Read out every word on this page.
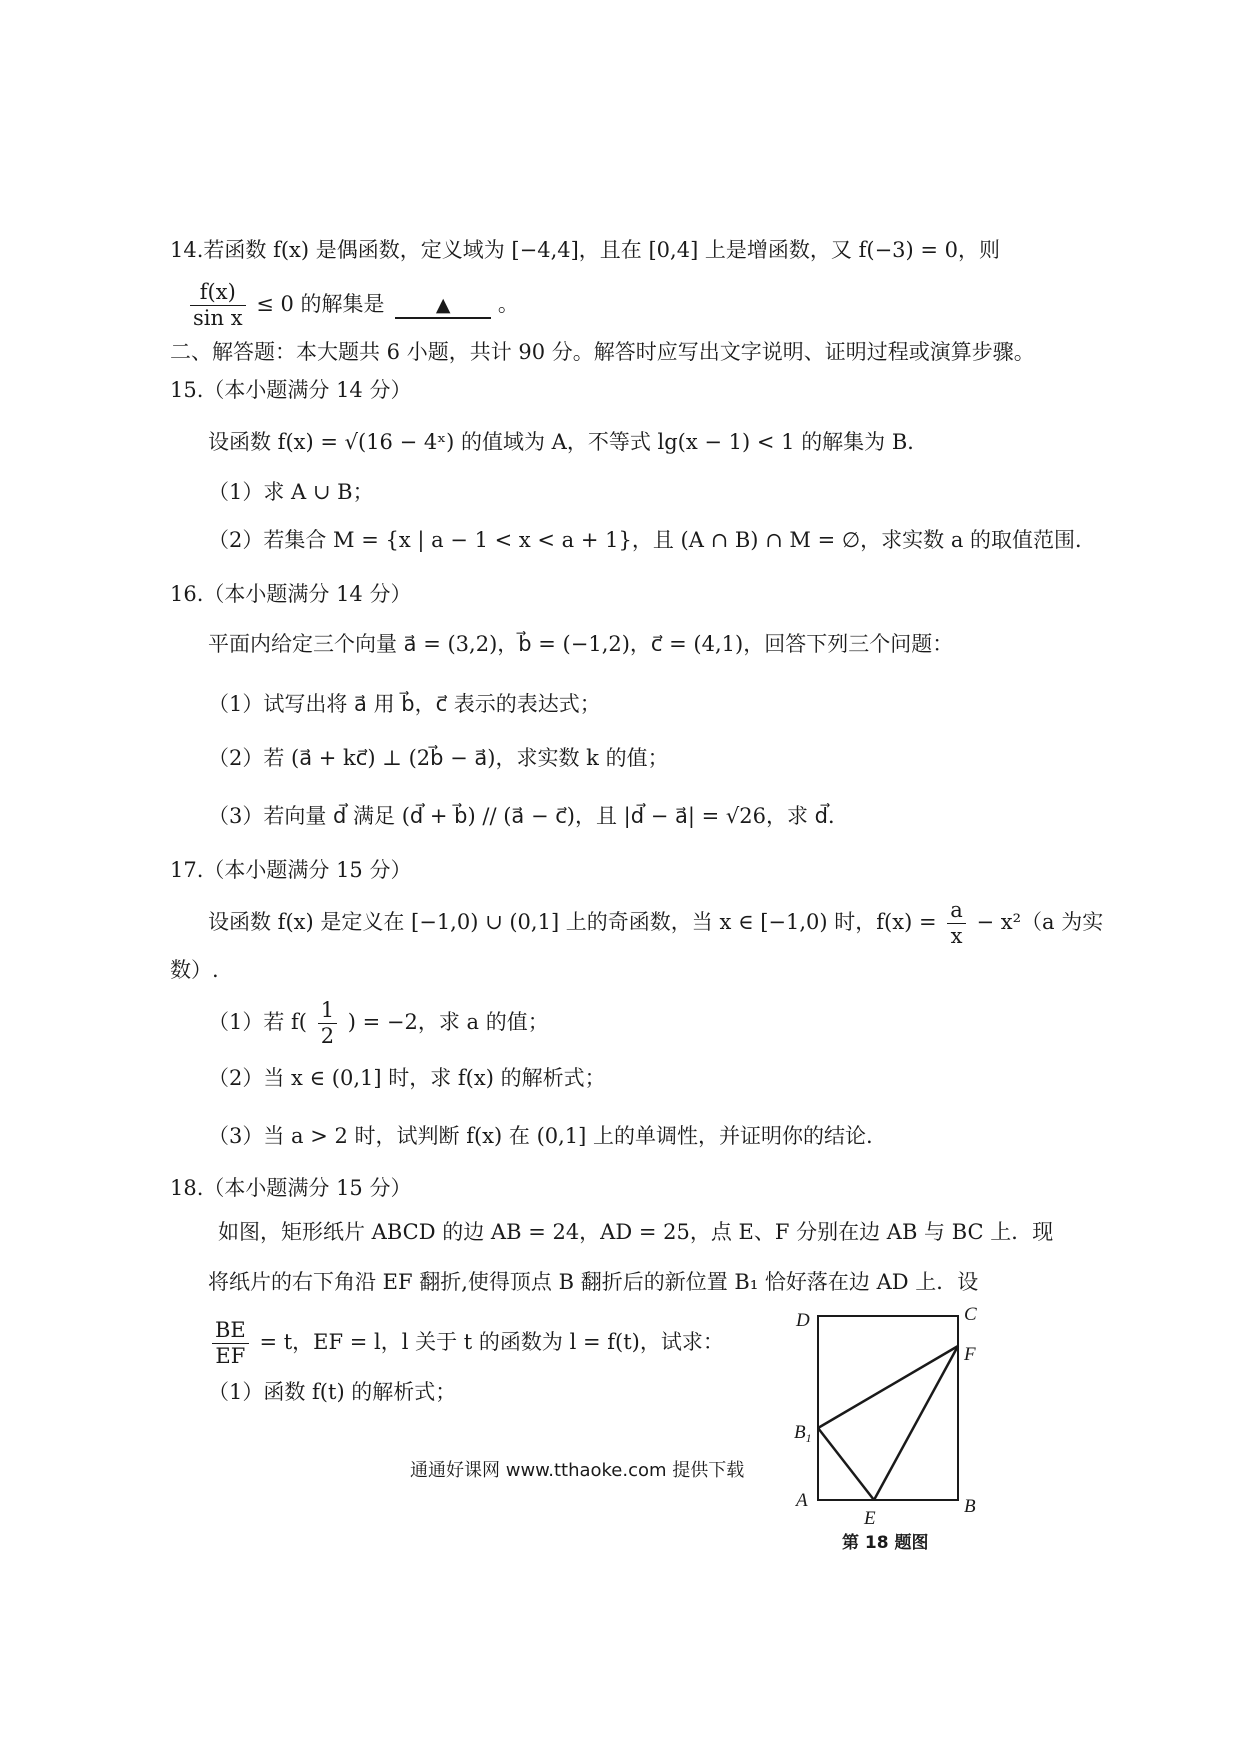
14.若函数 f(x) 是偶函数，定义域为 [−4,4]，且在 [0,4] 上是增函数，又 f(−3) = 0，则
$\frac{f(x)}{\text{sin x}} \le 0$ 的解集是	▲ 。
二、解答题：本大题共 6 小题，共计 90 分。解答时应写出文字说明、证明过程或演算步骤。
15.（本小题满分 14 分）
设函数 f(x) = √(16 − 4ˣ) 的值域为 A，不等式 lg(x − 1) < 1 的解集为 B．
（1）求 A ∪ B；
（2）若集合 M = {x | a − 1 < x < a + 1}，且 (A ∩ B) ∩ M = ∅，求实数 a 的取值范围．
16.（本小题满分 14 分）
平面内给定三个向量 a⃗ = (3,2)，b⃗ = (−1,2)，c⃗ = (4,1)，回答下列三个问题：
（1）试写出将 a⃗ 用 b⃗，c⃗ 表示的表达式；
（2）若 (a⃗ + kc⃗) ⊥ (2b⃗ − a⃗)，求实数 k 的值；
（3）若向量 d⃗ 满足 (d⃗ + b⃗) // (a⃗ − c⃗)，且 |d⃗ − a⃗| = √26，求 d⃗．
17.（本小题满分 15 分）
设函数 f(x) 是定义在 [−1,0) ∪ (0,1] 上的奇函数，当 x ∈ [−1,0) 时，$f(x) = \frac{a}{x} - x^2(a$ 为实
数）.
（1）若 $f( \frac{1}{2}$ ) = −2，求 a 的值；
（2）当 x ∈ (0,1] 时，求 f(x) 的解析式；
（3）当 a > 2 时，试判断 f(x) 在 (0,1] 上的单调性，并证明你的结论.
18.（本小题满分 15 分）
如图，矩形纸片 ABCD 的边 AB = 24，AD = 25，点 E、F 分别在边 AB 与 BC 上．现
将纸片的右下角沿 EF 翻折,使得顶点 B 翻折后的新位置 B₁ 恰好落在边 AD 上．设
$\frac{BE}{EF} = t$，EF = l，l 关于 t 的函数为 l = f(t)，试求：
（1）函数 f(t) 的解析式；
D	C
F
$B_1$
A
E
B
第 18 题图
通通好课网 www.tthaoke.com 提供下载
